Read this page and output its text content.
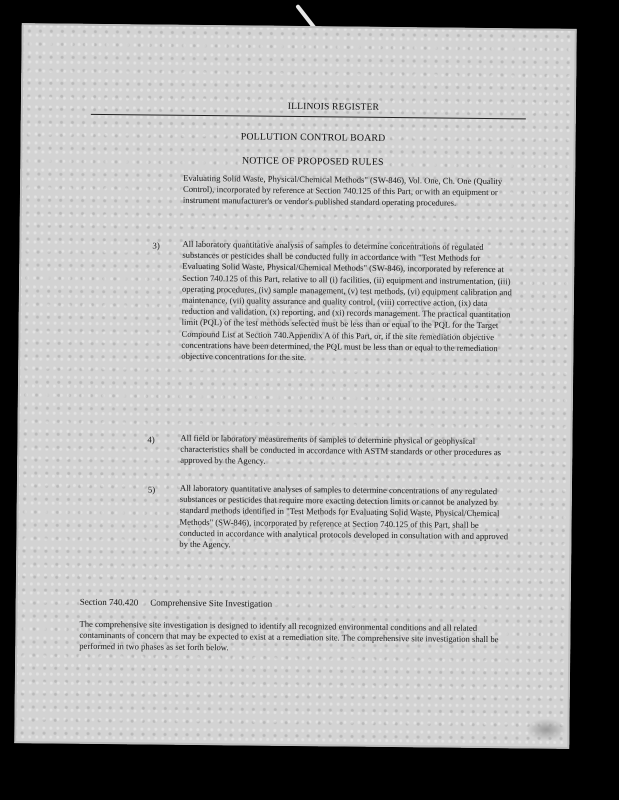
ILLINOIS REGISTER
POLLUTION CONTROL BOARD
NOTICE OF PROPOSED RULES
Evaluating Solid Waste, Physical/Chemical Methods" (SW-846), Vol. One, Ch. One (Quality Control), incorporated by reference at Section 740.125 of this Part, or with an equipment or instrument manufacturer's or vendor's published standard operating procedures.
3)	All laboratory quantitative analysis of samples to determine concentrations of regulated substances or pesticides shall be conducted fully in accordance with "Test Methods for Evaluating Solid Waste, Physical/Chemical Methods" (SW-846), incorporated by reference at Section 740.125 of this Part, relative to all (i) facilities, (ii) equipment and instrumentation, (iii) operating procedures, (iv) sample management, (v) test methods, (vi) equipment calibration and maintenance, (vii) quality assurance and quality control, (viii) corrective action, (ix) data reduction and validation, (x) reporting, and (xi) records management. The practical quantitation limit (PQL) of the test methods selected must be less than or equal to the PQL for the Target Compound List at Section 740.Appendix A of this Part, or, if the site remediation objective concentrations have been determined, the PQL must be less than or equal to the remediation objective concentrations for the site.
4)	All field or laboratory measurements of samples to determine physical or geophysical characteristics shall be conducted in accordance with ASTM standards or other procedures as approved by the Agency.
5)	All laboratory quantitative analyses of samples to determine concentrations of any regulated substances or pesticides that require more exacting detection limits or cannot be analyzed by standard methods identified in "Test Methods for Evaluating Solid Waste, Physical/Chemical Methods" (SW-846), incorporated by reference at Section 740.125 of this Part, shall be conducted in accordance with analytical protocols developed in consultation with and approved by the Agency.
Section 740.420 Comprehensive Site Investigation
The comprehensive site investigation is designed to identify all recognized environmental conditions and all related contaminants of concern that may be expected to exist at a remediation site. The comprehensive site investigation shall be performed in two phases as set forth below.
